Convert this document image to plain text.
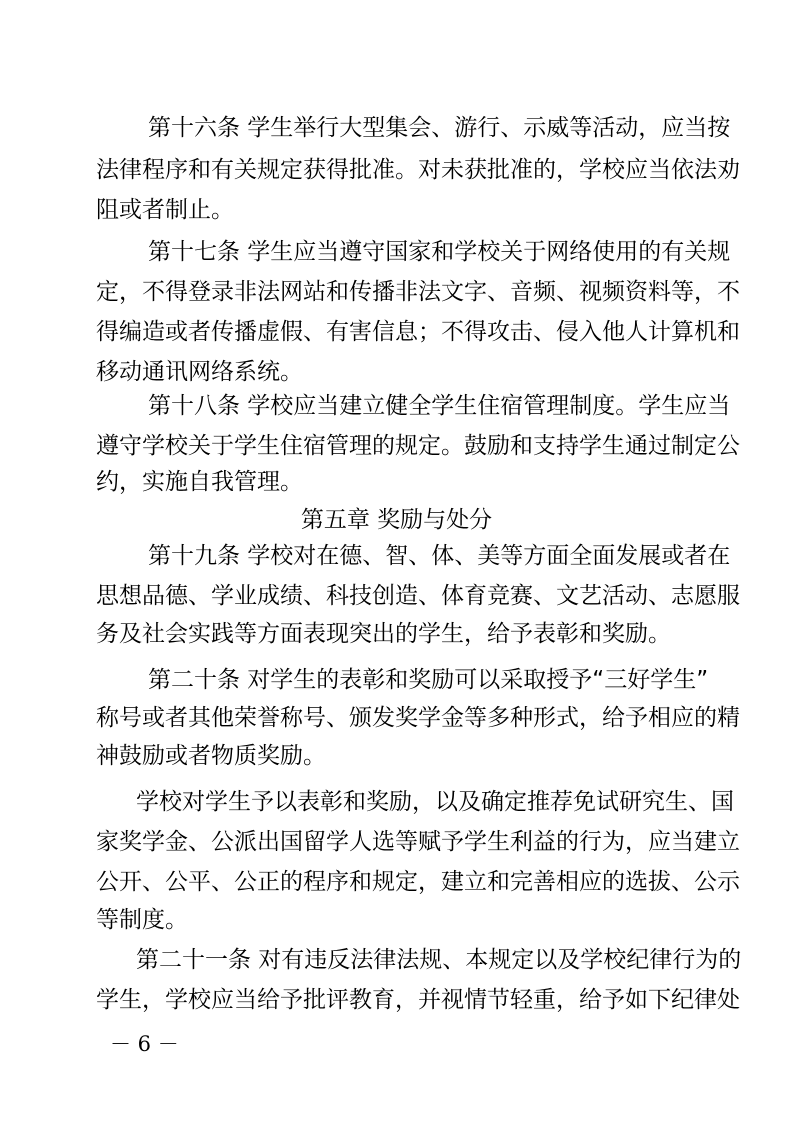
第十六条 学生举行大型集会、游行、示威等活动，应当按

法律程序和有关规定获得批准。对未获批准的，学校应当依法劝

阻或者制止。

第十七条 学生应当遵守国家和学校关于网络使用的有关规

定，不得登录非法网站和传播非法文字、音频、视频资料等，不

得编造或者传播虚假、有害信息；不得攻击、侵入他人计算机和

移动通讯网络系统。

第十八条 学校应当建立健全学生住宿管理制度。学生应当

遵守学校关于学生住宿管理的规定。鼓励和支持学生通过制定公

约，实施自我管理。

第五章 奖励与处分

第十九条 学校对在德、智、体、美等方面全面发展或者在

思想品德、学业成绩、科技创造、体育竞赛、文艺活动、志愿服

务及社会实践等方面表现突出的学生，给予表彰和奖励。

第二十条 对学生的表彰和奖励可以采取授予“三好学生”

称号或者其他荣誉称号、颁发奖学金等多种形式，给予相应的精

神鼓励或者物质奖励。

学校对学生予以表彰和奖励，以及确定推荐免试研究生、国

家奖学金、公派出国留学人选等赋予学生利益的行为，应当建立

公开、公平、公正的程序和规定，建立和完善相应的选拔、公示

等制度。

第二十一条 对有违反法律法规、本规定以及学校纪律行为的

学生，学校应当给予批评教育，并视情节轻重，给予如下纪律处

－ 6 －
